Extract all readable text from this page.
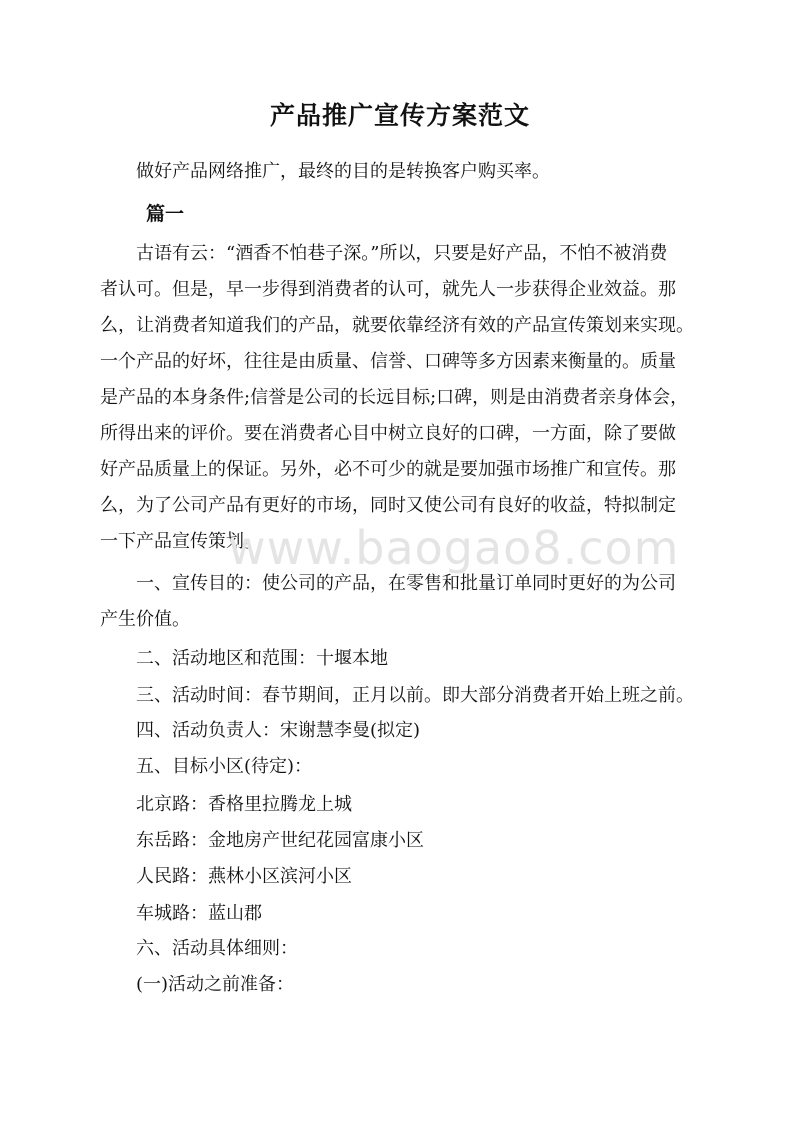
产品推广宣传方案范文
做好产品网络推广，最终的目的是转换客户购买率。
篇一
古语有云：“酒香不怕巷子深。”所以，只要是好产品，不怕不被消费
者认可。但是，早一步得到消费者的认可，就先人一步获得企业效益。那
么，让消费者知道我们的产品，就要依靠经济有效的产品宣传策划来实现。
一个产品的好坏，往往是由质量、信誉、口碑等多方因素来衡量的。质量
是产品的本身条件;信誉是公司的长远目标;口碑，则是由消费者亲身体会，
所得出来的评价。要在消费者心目中树立良好的口碑，一方面，除了要做
好产品质量上的保证。另外，必不可少的就是要加强市场推广和宣传。那
么，为了公司产品有更好的市场，同时又使公司有良好的收益，特拟制定
一下产品宣传策划。
www.baogao8.com
一、宣传目的：使公司的产品，在零售和批量订单同时更好的为公司
产生价值。
二、活动地区和范围：十堰本地
三、活动时间：春节期间，正月以前。即大部分消费者开始上班之前。
四、活动负责人：宋谢慧李曼(拟定)
五、目标小区(待定)：
北京路：香格里拉腾龙上城
东岳路：金地房产世纪花园富康小区
人民路：燕林小区滨河小区
车城路：蓝山郡
六、活动具体细则：
(一)活动之前准备：
